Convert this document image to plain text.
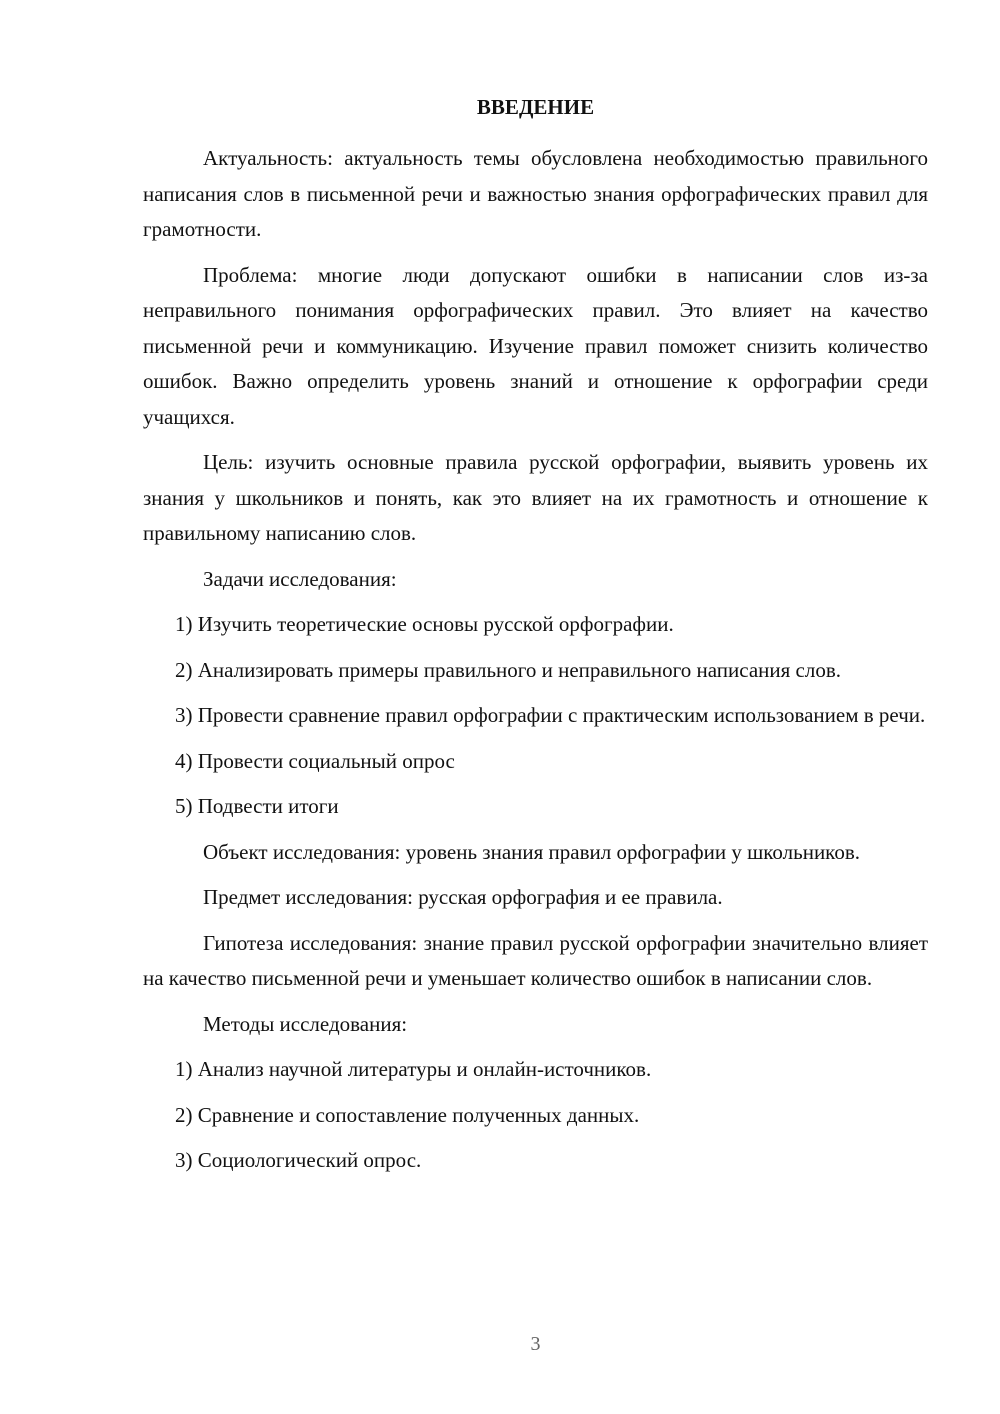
ВВЕДЕНИЕ

Актуальность: актуальность темы обусловлена необходимостью правильного написания слов в письменной речи и важностью знания орфографических правил для грамотности.

Проблема: многие люди допускают ошибки в написании слов из-за неправильного понимания орфографических правил. Это влияет на качество письменной речи и коммуникацию. Изучение правил поможет снизить количество ошибок. Важно определить уровень знаний и отношение к орфографии среди учащихся.

Цель: изучить основные правила русской орфографии, выявить уровень их знания у школьников и понять, как это влияет на их грамотность и отношение к правильному написанию слов.

Задачи исследования:

1) Изучить теоретические основы русской орфографии.

2) Анализировать примеры правильного и неправильного написания слов.

3) Провести сравнение правил орфографии с практическим использованием в речи.

4) Провести социальный опрос

5) Подвести итоги

Объект исследования: уровень знания правил орфографии у школьников.

Предмет исследования: русская орфография и ее правила.

Гипотеза исследования: знание правил русской орфографии значительно влияет на качество письменной речи и уменьшает количество ошибок в написании слов.

Методы исследования:

1) Анализ научной литературы и онлайн-источников.

2) Сравнение и сопоставление полученных данных.

3) Социологический опрос.

3
